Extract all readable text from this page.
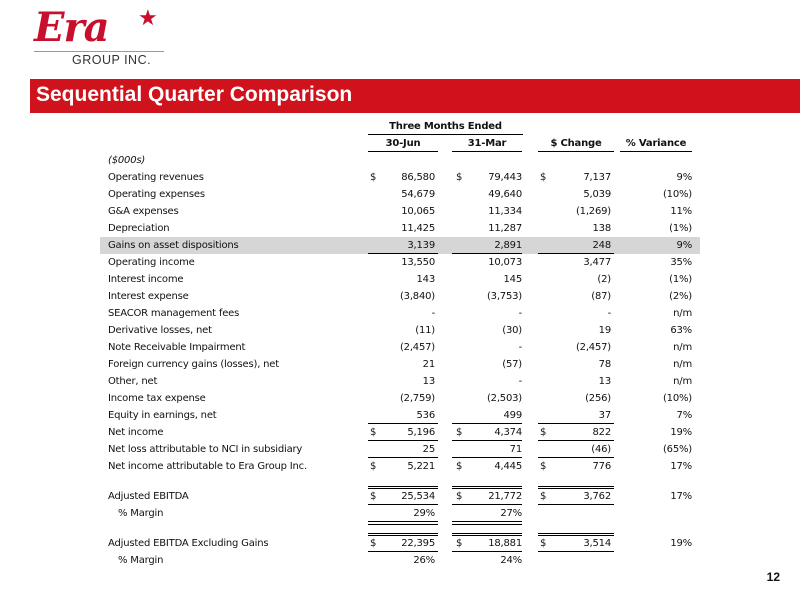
Era ★
GROUP INC.
Sequential Quarter Comparison
Three Months Ended
30-Jun	31-Mar	$ Change	% Variance
($000s)
Operating revenues	$	86,580 $	79,443 $	7,137	9%
Operating expenses	54,679	49,640	5,039	(10%)
G&A expenses	10,065	11,334	(1,269)	11%
Depreciation	11,425	11,287	138	(1%)
Gains on asset dispositions	3,139	2,891	248	9%
Operating income	13,550	10,073	3,477	35%
Interest income	143	145	(2)	(1%)
Interest expense	(3,840)	(3,753)	(87)	(2%)
SEACOR management fees	-	-	-	n/m
Derivative losses, net	(11)	(30)	19	63%
Note Receivable Impairment	(2,457)	-	(2,457)	n/m
Foreign currency gains (losses), net	21	(57)	78	n/m
Other, net	13	-	13	n/m
Income tax expense	(2,759)	(2,503)	(256)	(10%)
Equity in earnings, net	536	499	37	7%
Net income	$	5,196 $	4,374 $	822	19%
Net loss attributable to NCI in subsidiary	25	71	(46)	(65%)
Net income attributable to Era Group Inc.	$	5,221 $	4,445 $	776	17%
Adjusted EBITDA	$	25,534 $	21,772 $	3,762	17%
% Margin	29%	27%
Adjusted EBITDA Excluding Gains	$	22,395 $	18,881 $	3,514	19%
% Margin	26%	24%
12
